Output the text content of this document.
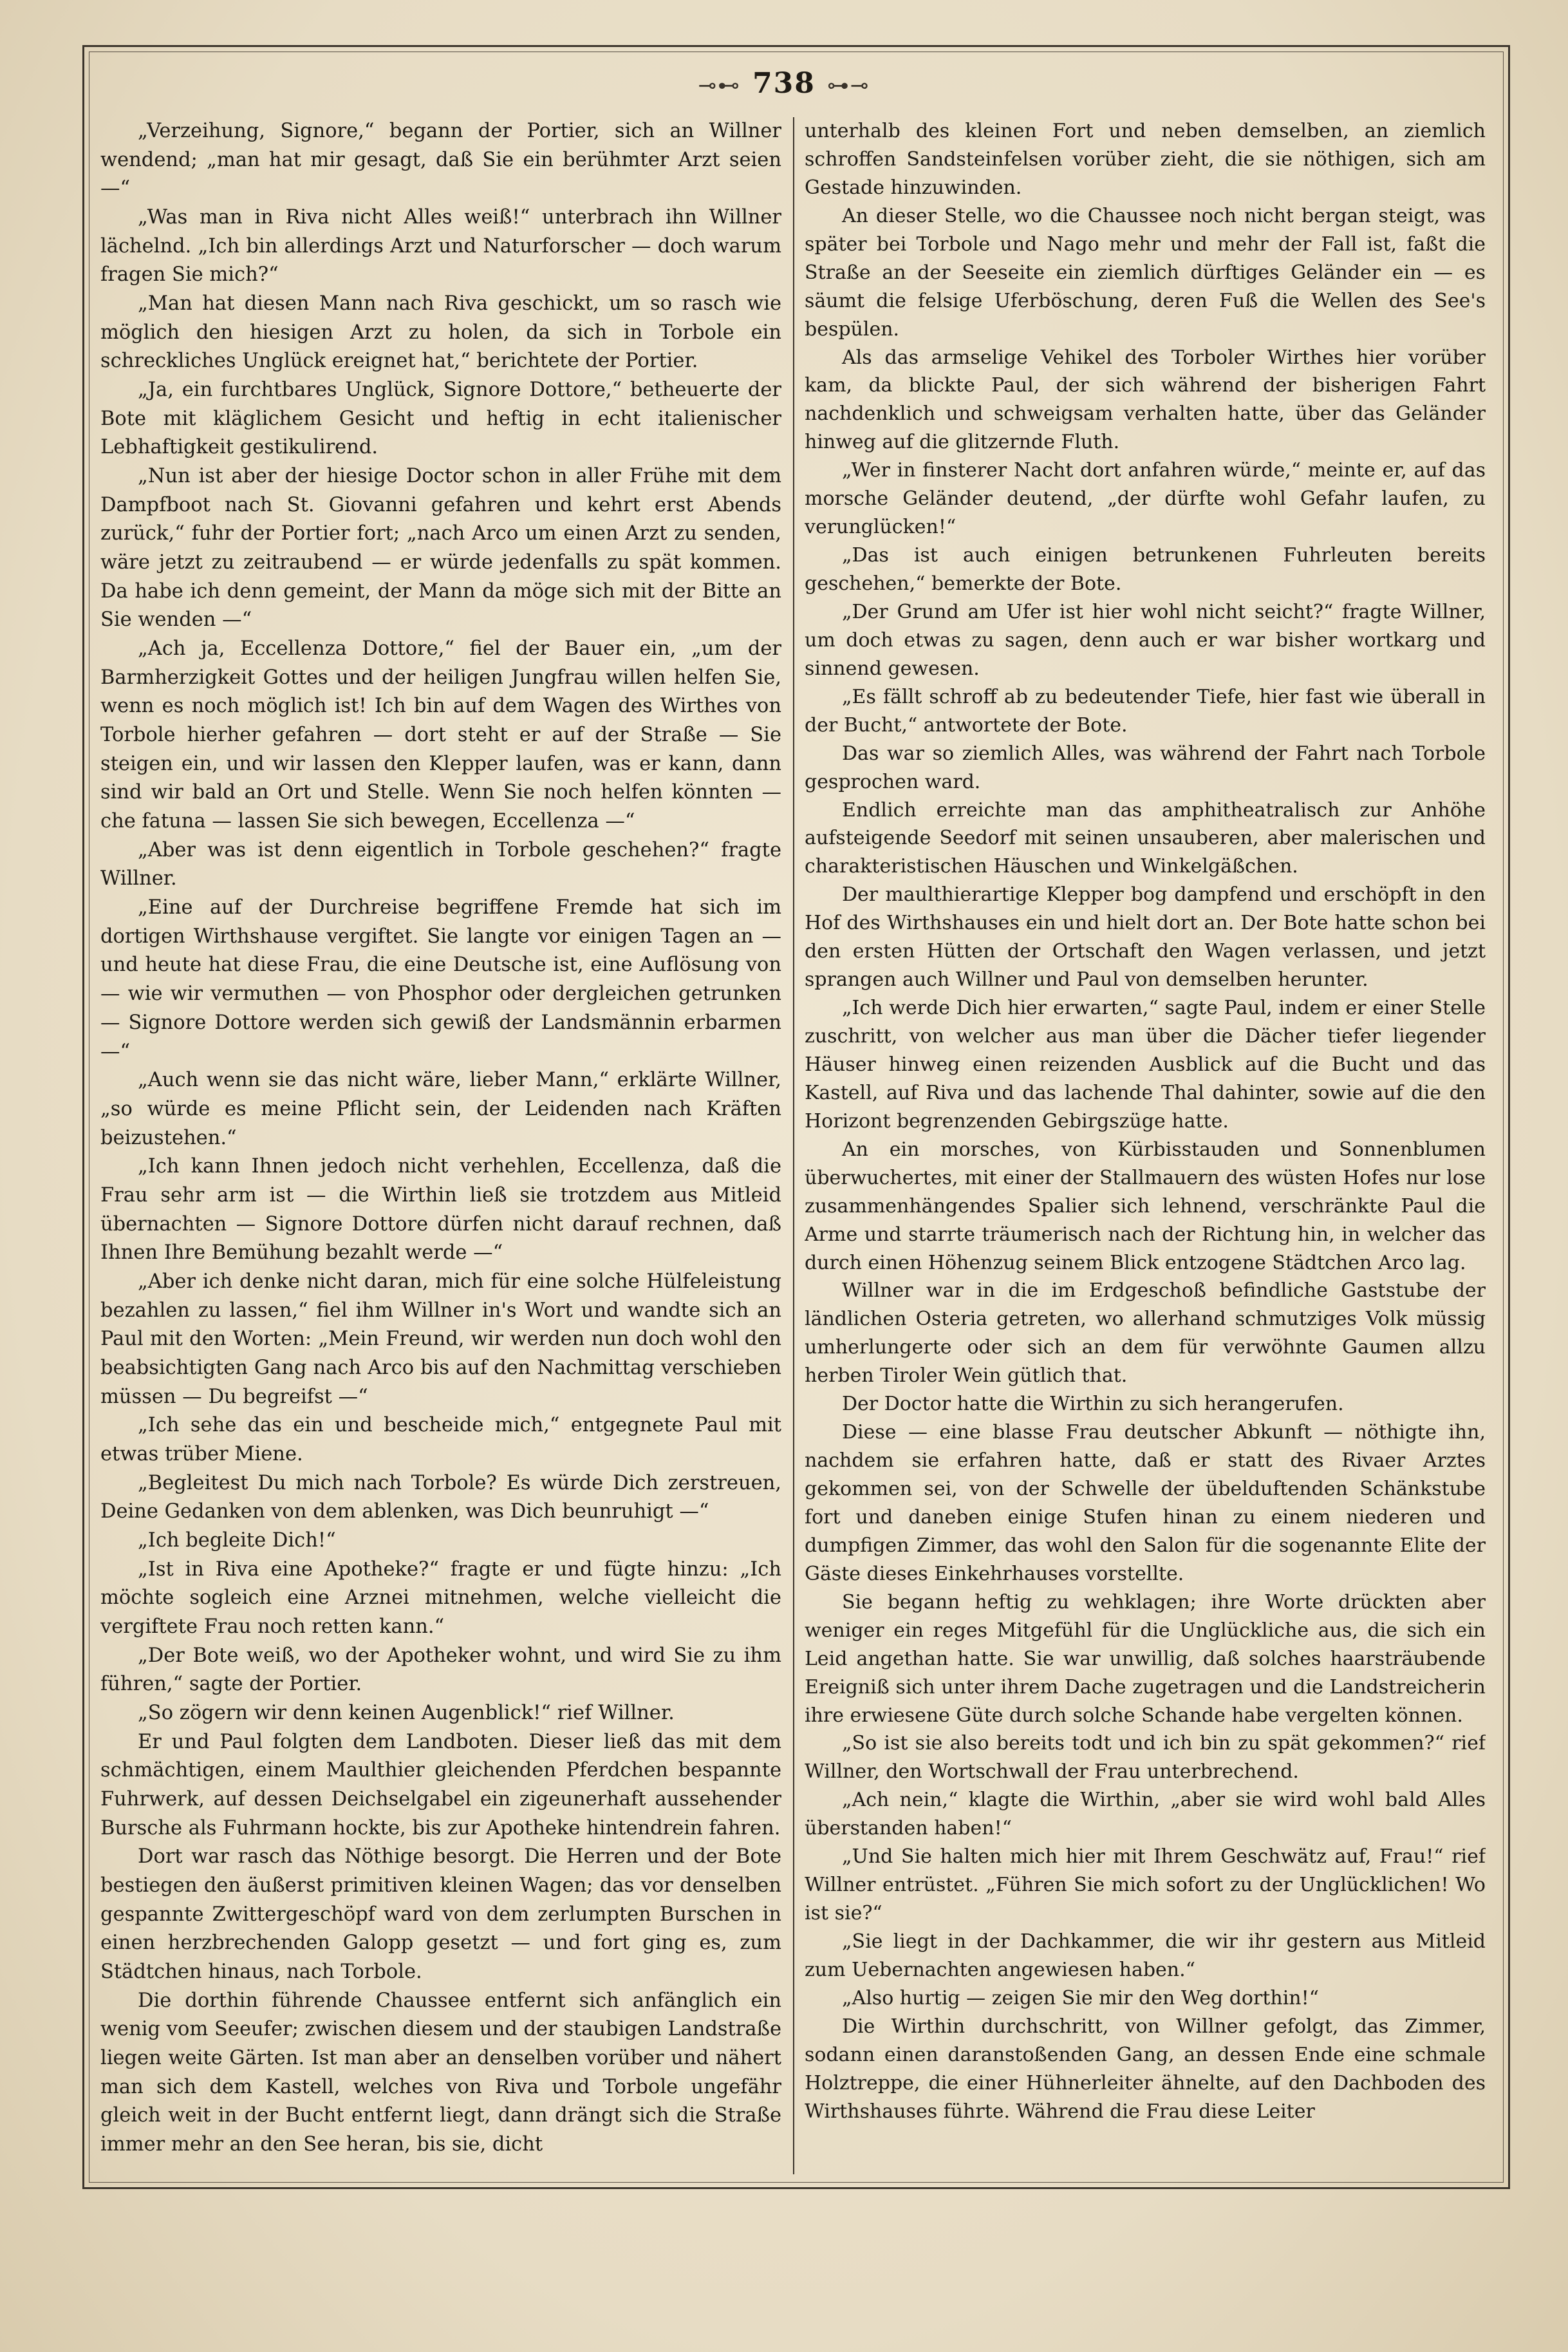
⊸⊷ 738 ⊶⊸

„Verzeihung, Signore,“ begann der Portier, sich an Willner wendend; „man hat mir gesagt, daß Sie ein berühmter Arzt seien —“

„Was man in Riva nicht Alles weiß!“ unterbrach ihn Willner lächelnd. „Ich bin allerdings Arzt und Naturforscher — doch warum fragen Sie mich?“

„Man hat diesen Mann nach Riva geschickt, um so rasch wie möglich den hiesigen Arzt zu holen, da sich in Torbole ein schreckliches Unglück ereignet hat,“ berichtete der Portier.

„Ja, ein furchtbares Unglück, Signore Dottore,“ betheuerte der Bote mit kläglichem Gesicht und heftig in echt italienischer Lebhaftigkeit gestikulirend.

„Nun ist aber der hiesige Doctor schon in aller Frühe mit dem Dampfboot nach St. Giovanni gefahren und kehrt erst Abends zurück,“ fuhr der Portier fort; „nach Arco um einen Arzt zu senden, wäre jetzt zu zeitraubend — er würde jedenfalls zu spät kommen. Da habe ich denn gemeint, der Mann da möge sich mit der Bitte an Sie wenden —“

„Ach ja, Eccellenza Dottore,“ fiel der Bauer ein, „um der Barmherzigkeit Gottes und der heiligen Jungfrau willen helfen Sie, wenn es noch möglich ist! Ich bin auf dem Wagen des Wirthes von Torbole hierher gefahren — dort steht er auf der Straße — Sie steigen ein, und wir lassen den Klepper laufen, was er kann, dann sind wir bald an Ort und Stelle. Wenn Sie noch helfen könnten — che fatuna — lassen Sie sich bewegen, Eccellenza —“

„Aber was ist denn eigentlich in Torbole geschehen?“ fragte Willner.

„Eine auf der Durchreise begriffene Fremde hat sich im dortigen Wirthshause vergiftet. Sie langte vor einigen Tagen an — und heute hat diese Frau, die eine Deutsche ist, eine Auflösung von — wie wir vermuthen — von Phosphor oder dergleichen getrunken — Signore Dottore werden sich gewiß der Landsmännin erbarmen —“

„Auch wenn sie das nicht wäre, lieber Mann,“ erklärte Willner, „so würde es meine Pflicht sein, der Leidenden nach Kräften beizustehen.“

„Ich kann Ihnen jedoch nicht verhehlen, Eccellenza, daß die Frau sehr arm ist — die Wirthin ließ sie trotzdem aus Mitleid übernachten — Signore Dottore dürfen nicht darauf rechnen, daß Ihnen Ihre Bemühung bezahlt werde —“

„Aber ich denke nicht daran, mich für eine solche Hülfeleistung bezahlen zu lassen,“ fiel ihm Willner in's Wort und wandte sich an Paul mit den Worten: „Mein Freund, wir werden nun doch wohl den beabsichtigten Gang nach Arco bis auf den Nachmittag verschieben müssen — Du begreifst —“

„Ich sehe das ein und bescheide mich,“ entgegnete Paul mit etwas trüber Miene.

„Begleitest Du mich nach Torbole? Es würde Dich zerstreuen, Deine Gedanken von dem ablenken, was Dich beunruhigt —“

„Ich begleite Dich!“

„Ist in Riva eine Apotheke?“ fragte er und fügte hinzu: „Ich möchte sogleich eine Arznei mitnehmen, welche vielleicht die vergiftete Frau noch retten kann.“

„Der Bote weiß, wo der Apotheker wohnt, und wird Sie zu ihm führen,“ sagte der Portier.

„So zögern wir denn keinen Augenblick!“ rief Willner.

Er und Paul folgten dem Landboten. Dieser ließ das mit dem schmächtigen, einem Maulthier gleichenden Pferdchen bespannte Fuhrwerk, auf dessen Deichselgabel ein zigeunerhaft aussehender Bursche als Fuhrmann hockte, bis zur Apotheke hintendrein fahren.

Dort war rasch das Nöthige besorgt. Die Herren und der Bote bestiegen den äußerst primitiven kleinen Wagen; das vor denselben gespannte Zwittergeschöpf ward von dem zerlumpten Burschen in einen herzbrechenden Galopp gesetzt — und fort ging es, zum Städtchen hinaus, nach Torbole.

Die dorthin führende Chaussee entfernt sich anfänglich ein wenig vom Seeufer; zwischen diesem und der staubigen Landstraße liegen weite Gärten. Ist man aber an denselben vorüber und nähert man sich dem Kastell, welches von Riva und Torbole ungefähr gleich weit in der Bucht entfernt liegt, dann drängt sich die Straße immer mehr an den See heran, bis sie, dicht

unterhalb des kleinen Fort und neben demselben, an ziemlich schroffen Sandsteinfelsen vorüber zieht, die sie nöthigen, sich am Gestade hinzuwinden.

An dieser Stelle, wo die Chaussee noch nicht bergan steigt, was später bei Torbole und Nago mehr und mehr der Fall ist, faßt die Straße an der Seeseite ein ziemlich dürftiges Geländer ein — es säumt die felsige Uferböschung, deren Fuß die Wellen des See's bespülen.

Als das armselige Vehikel des Torboler Wirthes hier vorüber kam, da blickte Paul, der sich während der bisherigen Fahrt nachdenklich und schweigsam verhalten hatte, über das Geländer hinweg auf die glitzernde Fluth.

„Wer in finsterer Nacht dort anfahren würde,“ meinte er, auf das morsche Geländer deutend, „der dürfte wohl Gefahr laufen, zu verunglücken!“

„Das ist auch einigen betrunkenen Fuhrleuten bereits geschehen,“ bemerkte der Bote.

„Der Grund am Ufer ist hier wohl nicht seicht?“ fragte Willner, um doch etwas zu sagen, denn auch er war bisher wortkarg und sinnend gewesen.

„Es fällt schroff ab zu bedeutender Tiefe, hier fast wie überall in der Bucht,“ antwortete der Bote.

Das war so ziemlich Alles, was während der Fahrt nach Torbole gesprochen ward.

Endlich erreichte man das amphitheatralisch zur Anhöhe aufsteigende Seedorf mit seinen unsauberen, aber malerischen und charakteristischen Häuschen und Winkelgäßchen.

Der maulthierartige Klepper bog dampfend und erschöpft in den Hof des Wirthshauses ein und hielt dort an. Der Bote hatte schon bei den ersten Hütten der Ortschaft den Wagen verlassen, und jetzt sprangen auch Willner und Paul von demselben herunter.

„Ich werde Dich hier erwarten,“ sagte Paul, indem er einer Stelle zuschritt, von welcher aus man über die Dächer tiefer liegender Häuser hinweg einen reizenden Ausblick auf die Bucht und das Kastell, auf Riva und das lachende Thal dahinter, sowie auf die den Horizont begrenzenden Gebirgszüge hatte.

An ein morsches, von Kürbisstauden und Sonnenblumen überwuchertes, mit einer der Stallmauern des wüsten Hofes nur lose zusammenhängendes Spalier sich lehnend, verschränkte Paul die Arme und starrte träumerisch nach der Richtung hin, in welcher das durch einen Höhenzug seinem Blick entzogene Städtchen Arco lag.

Willner war in die im Erdgeschoß befindliche Gaststube der ländlichen Osteria getreten, wo allerhand schmutziges Volk müssig umherlungerte oder sich an dem für verwöhnte Gaumen allzu herben Tiroler Wein gütlich that.

Der Doctor hatte die Wirthin zu sich herangerufen.

Diese — eine blasse Frau deutscher Abkunft — nöthigte ihn, nachdem sie erfahren hatte, daß er statt des Rivaer Arztes gekommen sei, von der Schwelle der übelduftenden Schänkstube fort und daneben einige Stufen hinan zu einem niederen und dumpfigen Zimmer, das wohl den Salon für die sogenannte Elite der Gäste dieses Einkehrhauses vorstellte.

Sie begann heftig zu wehklagen; ihre Worte drückten aber weniger ein reges Mitgefühl für die Unglückliche aus, die sich ein Leid angethan hatte. Sie war unwillig, daß solches haarsträubende Ereigniß sich unter ihrem Dache zugetragen und die Landstreicherin ihre erwiesene Güte durch solche Schande habe vergelten können.

„So ist sie also bereits todt und ich bin zu spät gekommen?“ rief Willner, den Wortschwall der Frau unterbrechend.

„Ach nein,“ klagte die Wirthin, „aber sie wird wohl bald Alles überstanden haben!“

„Und Sie halten mich hier mit Ihrem Geschwätz auf, Frau!“ rief Willner entrüstet. „Führen Sie mich sofort zu der Unglücklichen! Wo ist sie?“

„Sie liegt in der Dachkammer, die wir ihr gestern aus Mitleid zum Uebernachten angewiesen haben.“

„Also hurtig — zeigen Sie mir den Weg dorthin!“

Die Wirthin durchschritt, von Willner gefolgt, das Zimmer, sodann einen daranstoßenden Gang, an dessen Ende eine schmale Holztreppe, die einer Hühnerleiter ähnelte, auf den Dachboden des Wirthshauses führte. Während die Frau diese Leiter
